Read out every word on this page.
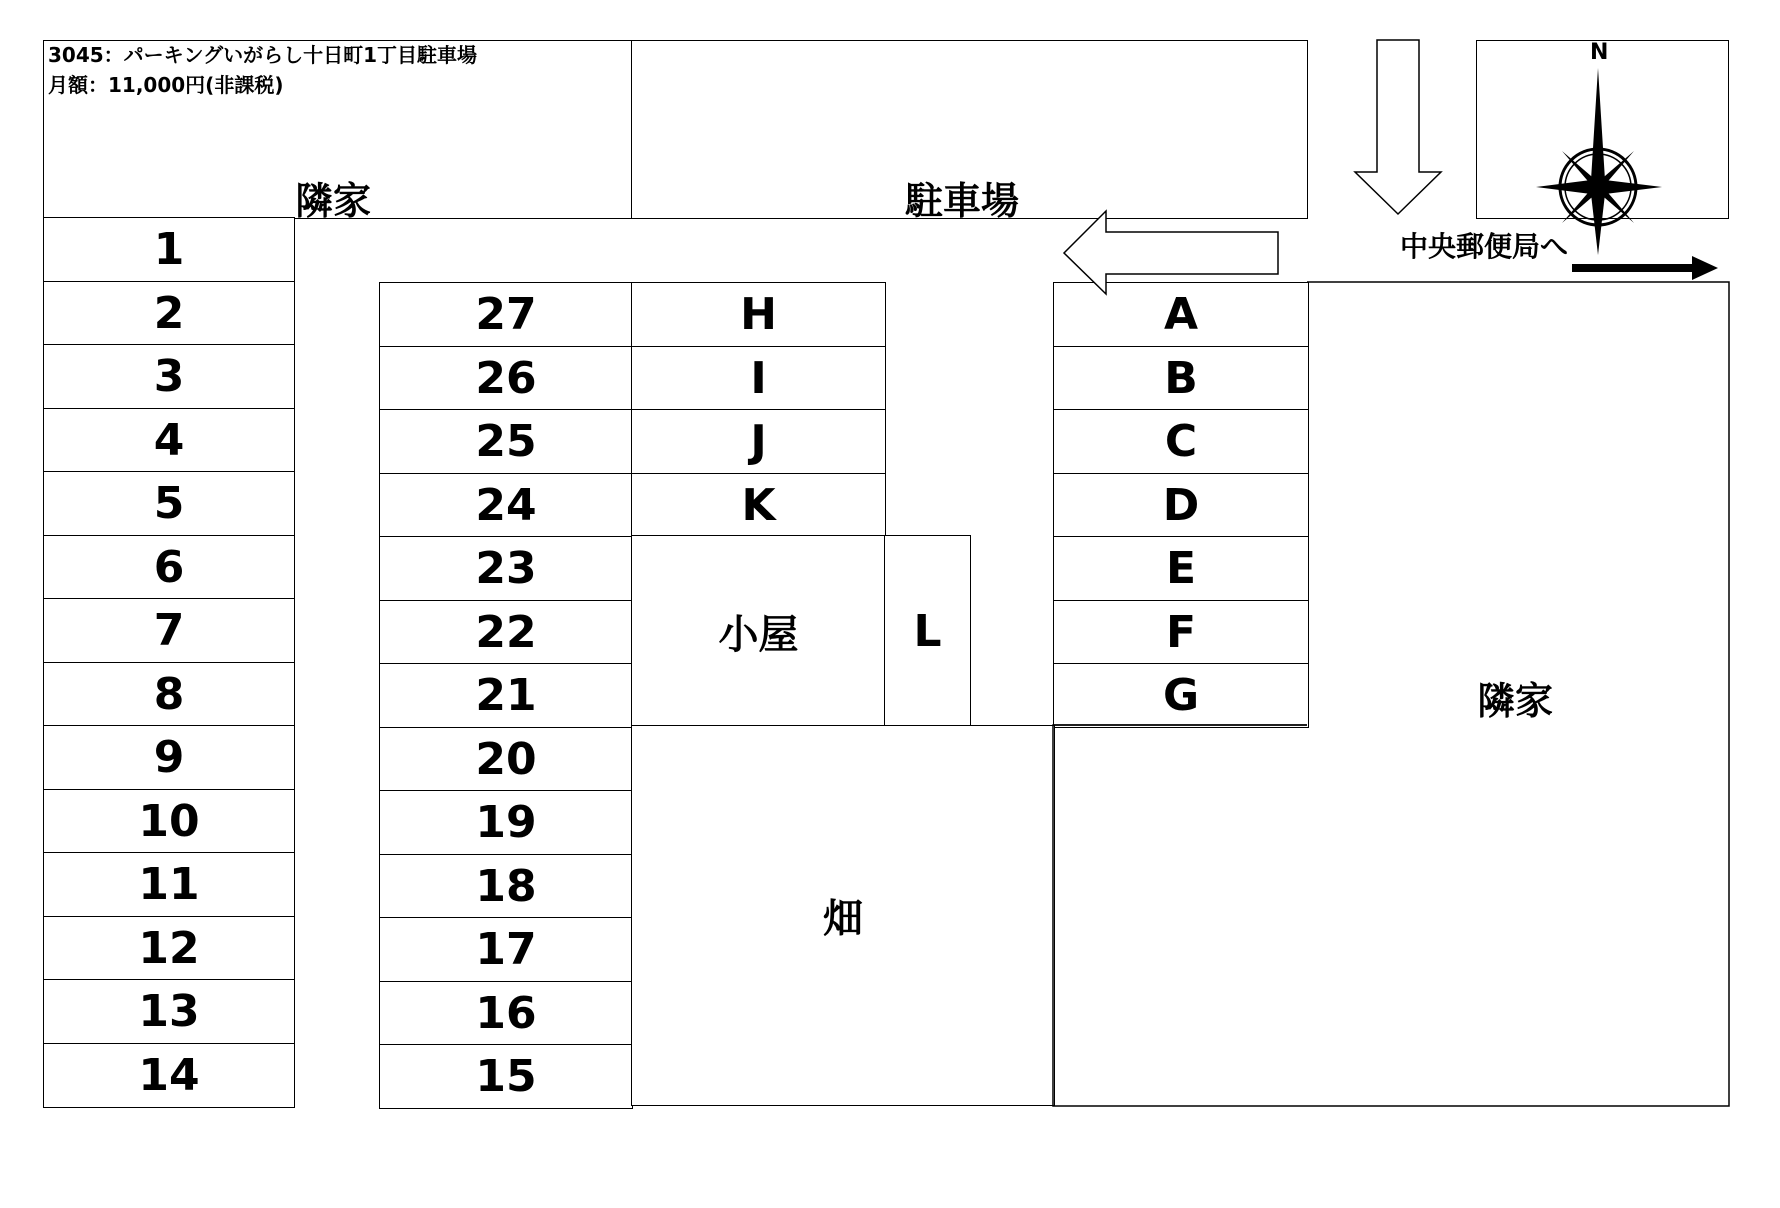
3045：パーキングいがらし十日町1丁目駐車場
月額：11,000円(非課税)
隣家	駐車場
N
1
2
3
4
5
6
7
8
9
10
11
12
13
14
27
26
25
24
23
22
21
20
19
18
17
16
15
H
I
J
K
A
B
C
D
E
F
G
小屋	L
畑
隣家
中央郵便局へ
